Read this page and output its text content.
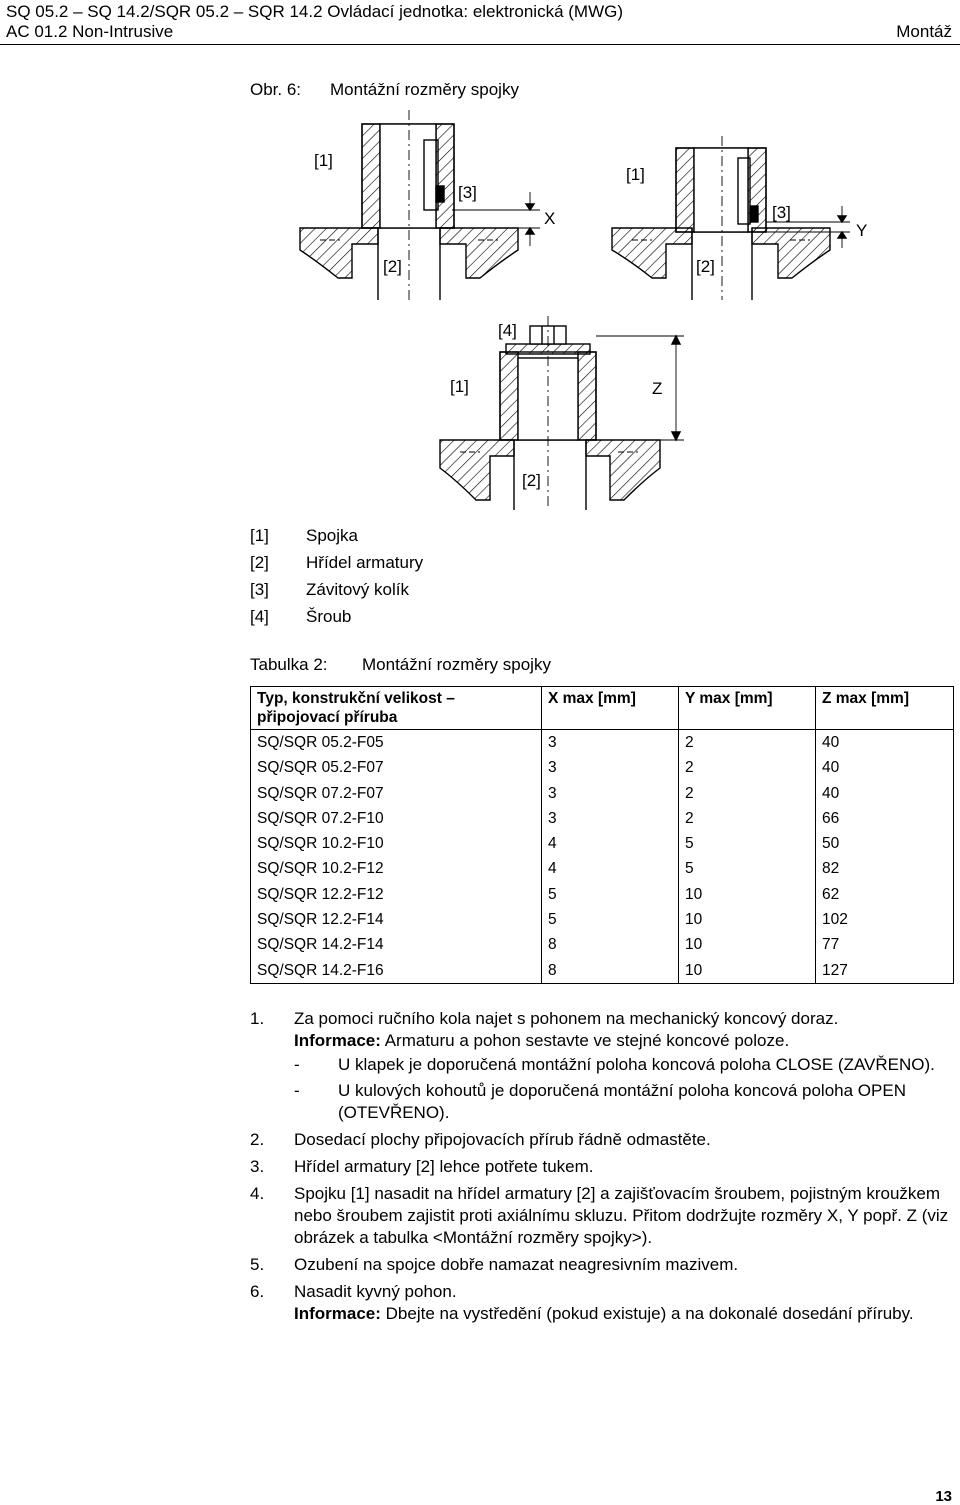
SQ 05.2 – SQ 14.2/SQR 05.2 – SQR 14.2 Ovládací jednotka: elektronická (MWG)
AC 01.2 Non-Intrusive	Montáž
Obr. 6: Montážní rozměry spojky
[1]
[2]
[3]
X
[1]
[2]
[3]
Y
[4]
[1]
[2]
Z
[1] Spojka
[2] Hřídel armatury
[3] Závitový kolík
[4] Šroub
Tabulka 2: Montážní rozměry spojky
Typ, konstrukční velikost – připojovací příruba	X max [mm]	Y max [mm]	Z max [mm]
SQ/SQR 05.2-F05	3	2	40
SQ/SQR 05.2-F07	3	2	40
SQ/SQR 07.2-F07	3	2	40
SQ/SQR 07.2-F10	3	2	66
SQ/SQR 10.2-F10	4	5	50
SQ/SQR 10.2-F12	4	5	82
SQ/SQR 12.2-F12	5	10	62
SQ/SQR 12.2-F14	5	10	102
SQ/SQR 14.2-F14	8	10	77
SQ/SQR 14.2-F16	8	10	127
1. Za pomoci ručního kola najet s pohonem na mechanický koncový doraz.
Informace: Armaturu a pohon sestavte ve stejné koncové poloze.
- U klapek je doporučená montážní poloha koncová poloha CLOSE (ZAVŘENO).
- U kulových kohoutů je doporučená montážní poloha koncová poloha OPEN (OTEVŘENO).
2. Dosedací plochy připojovacích přírub řádně odmastěte.
3. Hřídel armatury [2] lehce potřete tukem.
4. Spojku [1] nasadit na hřídel armatury [2] a zajišťovacím šroubem, pojistným kroužkem nebo šroubem zajistit proti axiálnímu skluzu. Přitom dodržujte rozměry X, Y popř. Z (viz obrázek a tabulka <Montážní rozměry spojky>).
5. Ozubení na spojce dobře namazat neagresivním mazivem.
6. Nasadit kyvný pohon.
Informace: Dbejte na vystředění (pokud existuje) a na dokonalé dosedání příruby.
13
